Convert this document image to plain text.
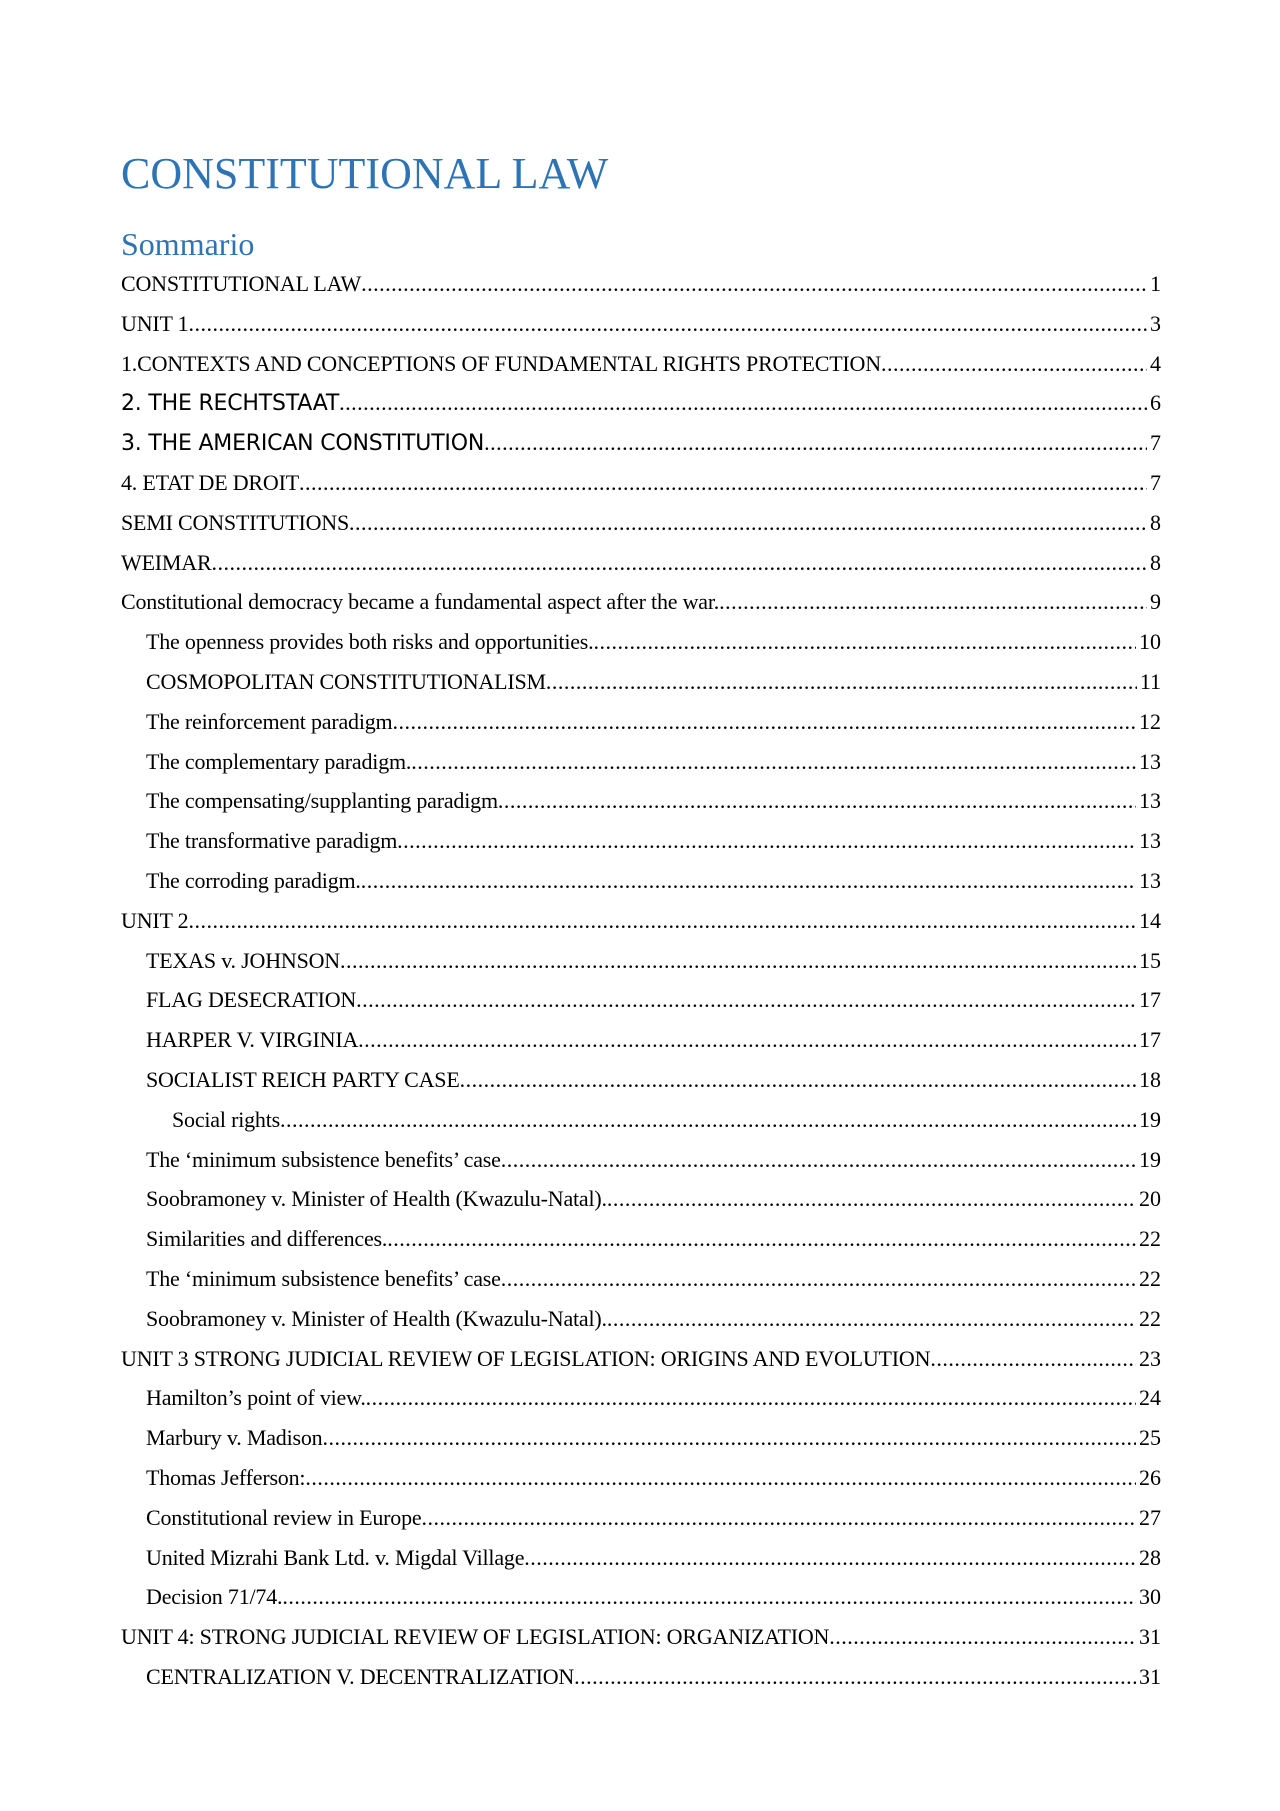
CONSTITUTIONAL LAW
Sommario
CONSTITUTIONAL LAW .....	1
UNIT 1 .....	3
1.CONTEXTS AND CONCEPTIONS OF FUNDAMENTAL RIGHTS PROTECTION .....	4
2. THE RECHTSTAAT .....	6
3. THE AMERICAN CONSTITUTION .....	7
4. ETAT DE DROIT .....	7
SEMI CONSTITUTIONS .....	8
WEIMAR .....	8
Constitutional democracy became a fundamental aspect after the war. .....	9
The openness provides both risks and opportunities. .....	10
COSMOPOLITAN CONSTITUTIONALISM .....	11
The reinforcement paradigm .....	12
The complementary paradigm. .....	13
The compensating/supplanting paradigm .....	13
The transformative paradigm .....	13
The corroding paradigm. .....	13
UNIT 2 .....	14
TEXAS v. JOHNSON .....	15
FLAG DESECRATION .....	17
HARPER V. VIRGINIA .....	17
SOCIALIST REICH PARTY CASE .....	18
Social rights .....	19
The ‘minimum subsistence benefits’ case .....	19
Soobramoney v. Minister of Health (Kwazulu-Natal). .....	20
Similarities and differences. .....	22
The ‘minimum subsistence benefits’ case .....	22
Soobramoney v. Minister of Health (Kwazulu-Natal). .....	22
UNIT 3 STRONG JUDICIAL REVIEW OF LEGISLATION: ORIGINS AND EVOLUTION .....	23
Hamilton’s point of view. .....	24
Marbury v. Madison .....	25
Thomas Jefferson: .....	26
Constitutional review in Europe .....	27
United Mizrahi Bank Ltd. v. Migdal Village .....	28
Decision 71/74. .....	30
UNIT 4: STRONG JUDICIAL REVIEW OF LEGISLATION: ORGANIZATION .....	31
CENTRALIZATION V. DECENTRALIZATION .....	31
